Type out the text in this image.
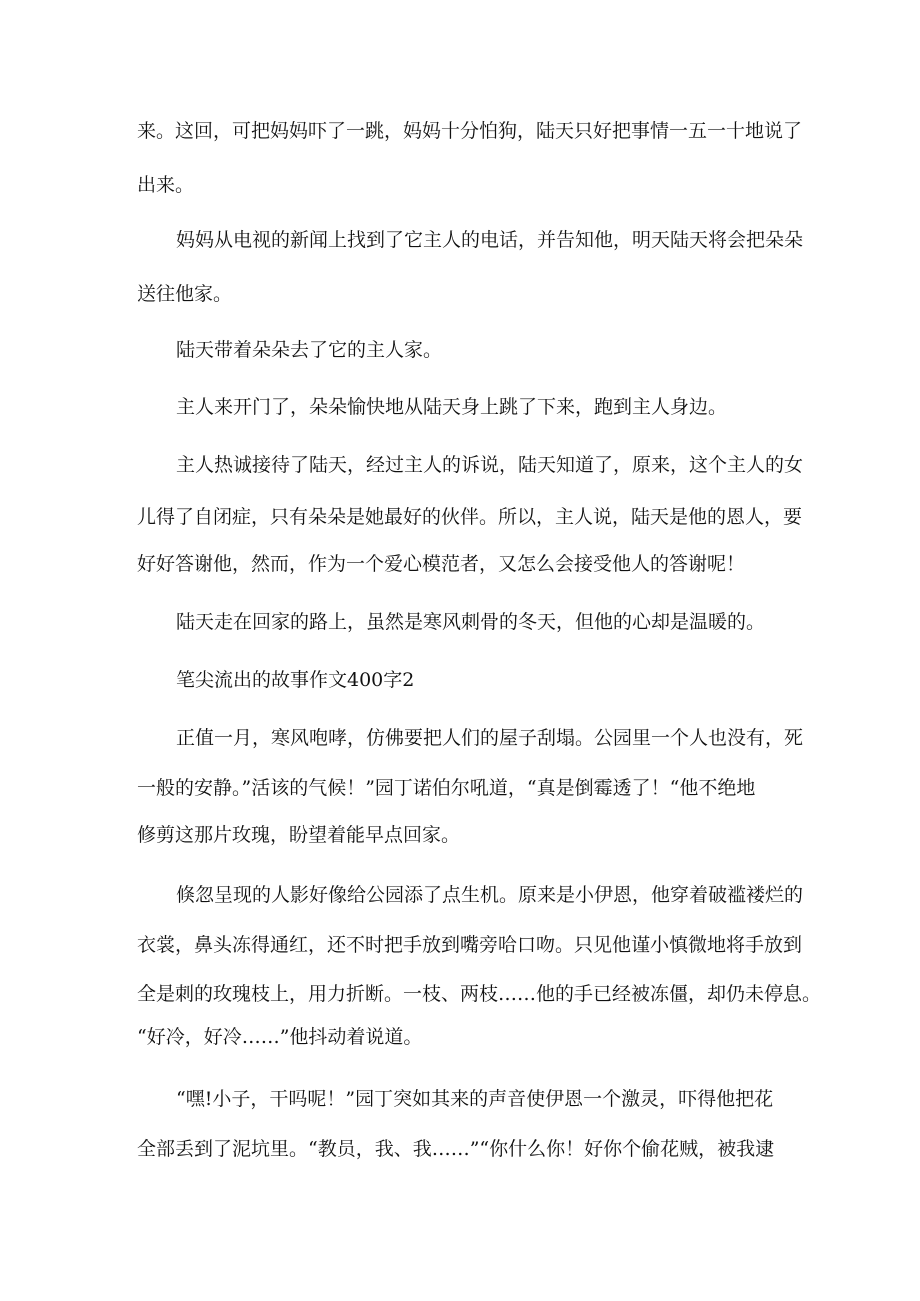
来。这回，可把妈妈吓了一跳，妈妈十分怕狗，陆天只好把事情一五一十地说了
出来。
妈妈从电视的新闻上找到了它主人的电话，并告知他，明天陆天将会把朵朵
送往他家。
陆天带着朵朵去了它的主人家。
主人来开门了，朵朵愉快地从陆天身上跳了下来，跑到主人身边。
主人热诚接待了陆天，经过主人的诉说，陆天知道了，原来，这个主人的女
儿得了自闭症，只有朵朵是她最好的伙伴。所以，主人说，陆天是他的恩人，要
好好答谢他，然而，作为一个爱心模范者，又怎么会接受他人的答谢呢！
陆天走在回家的路上，虽然是寒风刺骨的冬天，但他的心却是温暖的。
笔尖流出的故事作文400字2
正值一月，寒风咆哮，仿佛要把人们的屋子刮塌。公园里一个人也没有，死
一般的安静。”活该的气候！”园丁诺伯尔吼道，“真是倒霉透了！“他不绝地
修剪这那片玫瑰，盼望着能早点回家。
倏忽呈现的人影好像给公园添了点生机。原来是小伊恩，他穿着破褴褛烂的
衣裳，鼻头冻得通红，还不时把手放到嘴旁哈口吻。只见他谨小慎微地将手放到
全是刺的玫瑰枝上，用力折断。一枝、两枝……他的手已经被冻僵，却仍未停息。
“好冷，好冷……”他抖动着说道。
“嘿!小子，干吗呢！”园丁突如其来的声音使伊恩一个激灵，吓得他把花
全部丢到了泥坑里。“教员，我、我……”“你什么你！好你个偷花贼，被我逮
